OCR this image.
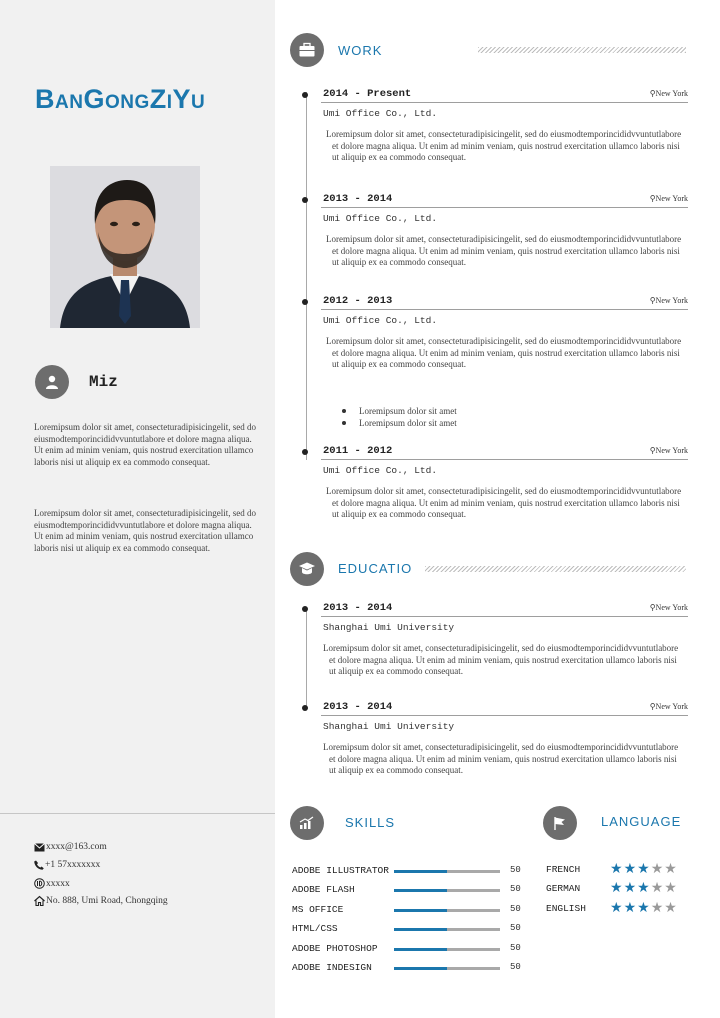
BanGongZiYu
Miz
Loremipsum dolor sit amet, consecteturadipisicingelit, sed do eiusmodtemporincididvvuntutlabore et dolore magna aliqua. Ut enim ad minim veniam, quis nostrud exercitation ullamco laboris nisi ut aliquip ex ea commodo consequat.
Loremipsum dolor sit amet, consecteturadipisicingelit, sed do eiusmodtemporincididvvuntutlabore et dolore magna aliqua. Ut enim ad minim veniam, quis nostrud exercitation ullamco laboris nisi ut aliquip ex ea commodo consequat.
xxxx@163.com
+1 57xxxxxxx
xxxxx
No. 888, Umi Road, Chongqing
WORK
2014 - Present	⚲ New York
Umi Office Co., Ltd.
Loremipsum dolor sit amet, consecteturadipisicingelit, sed do eiusmodtemporincididvvuntutlabore et dolore magna aliqua. Ut enim ad minim veniam, quis nostrud exercitation ullamco laboris nisi ut aliquip ex ea commodo consequat.
2013 - 2014	⚲ New York
Umi Office Co., Ltd.
Loremipsum dolor sit amet, consecteturadipisicingelit, sed do eiusmodtemporincididvvuntutlabore et dolore magna aliqua. Ut enim ad minim veniam, quis nostrud exercitation ullamco laboris nisi ut aliquip ex ea commodo consequat.
2012 - 2013	⚲ New York
Umi Office Co., Ltd.
Loremipsum dolor sit amet, consecteturadipisicingelit, sed do eiusmodtemporincididvvuntutlabore et dolore magna aliqua. Ut enim ad minim veniam, quis nostrud exercitation ullamco laboris nisi ut aliquip ex ea commodo consequat.
Loremipsum dolor sit amet
Loremipsum dolor sit amet
2011 - 2012	⚲ New York
Umi Office Co., Ltd.
Loremipsum dolor sit amet, consecteturadipisicingelit, sed do eiusmodtemporincididvvuntutlabore et dolore magna aliqua. Ut enim ad minim veniam, quis nostrud exercitation ullamco laboris nisi ut aliquip ex ea commodo consequat.
EDUCATIO
2013 - 2014	⚲ New York
Shanghai Umi University
Loremipsum dolor sit amet, consecteturadipisicingelit, sed do eiusmodtemporincididvvuntutlabore et dolore magna aliqua. Ut enim ad minim veniam, quis nostrud exercitation ullamco laboris nisi ut aliquip ex ea commodo consequat.
2013 - 2014	⚲ New York
Shanghai Umi University
Loremipsum dolor sit amet, consecteturadipisicingelit, sed do eiusmodtemporincididvvuntutlabore et dolore magna aliqua. Ut enim ad minim veniam, quis nostrud exercitation ullamco laboris nisi ut aliquip ex ea commodo consequat.
SKILLS
ADOBE ILLUSTRATOR	50
ADOBE FLASH	50
MS OFFICE	50
HTML/CSS	50
ADOBE PHOTOSHOP	50
ADOBE INDESIGN	50
LANGUAGE
FRENCH ★★★★★
GERMAN ★★★★★
ENGLISH ★★★★★
